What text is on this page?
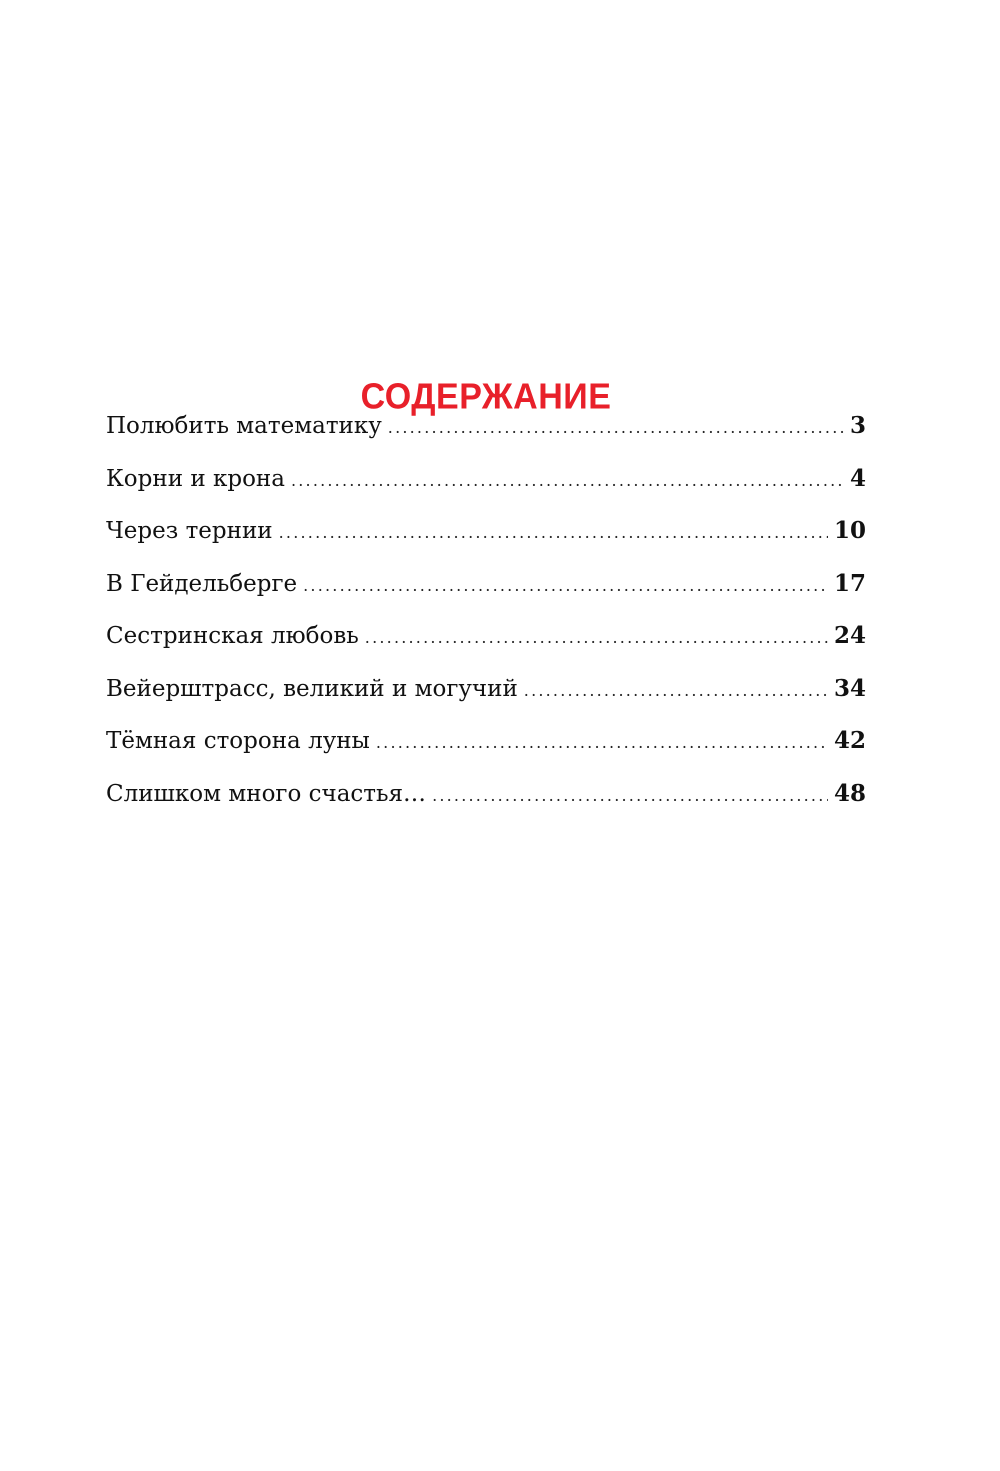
СОДЕРЖАНИЕ
Полюбить математику .....	3
Корни и крона .....	4
Через тернии .....	10
В Гейдельберге .....	17
Сестринская любовь .....	24
Вейерштрасс, великий и могучий .....	34
Тёмная сторона луны .....	42
Слишком много счастья… .....	48
